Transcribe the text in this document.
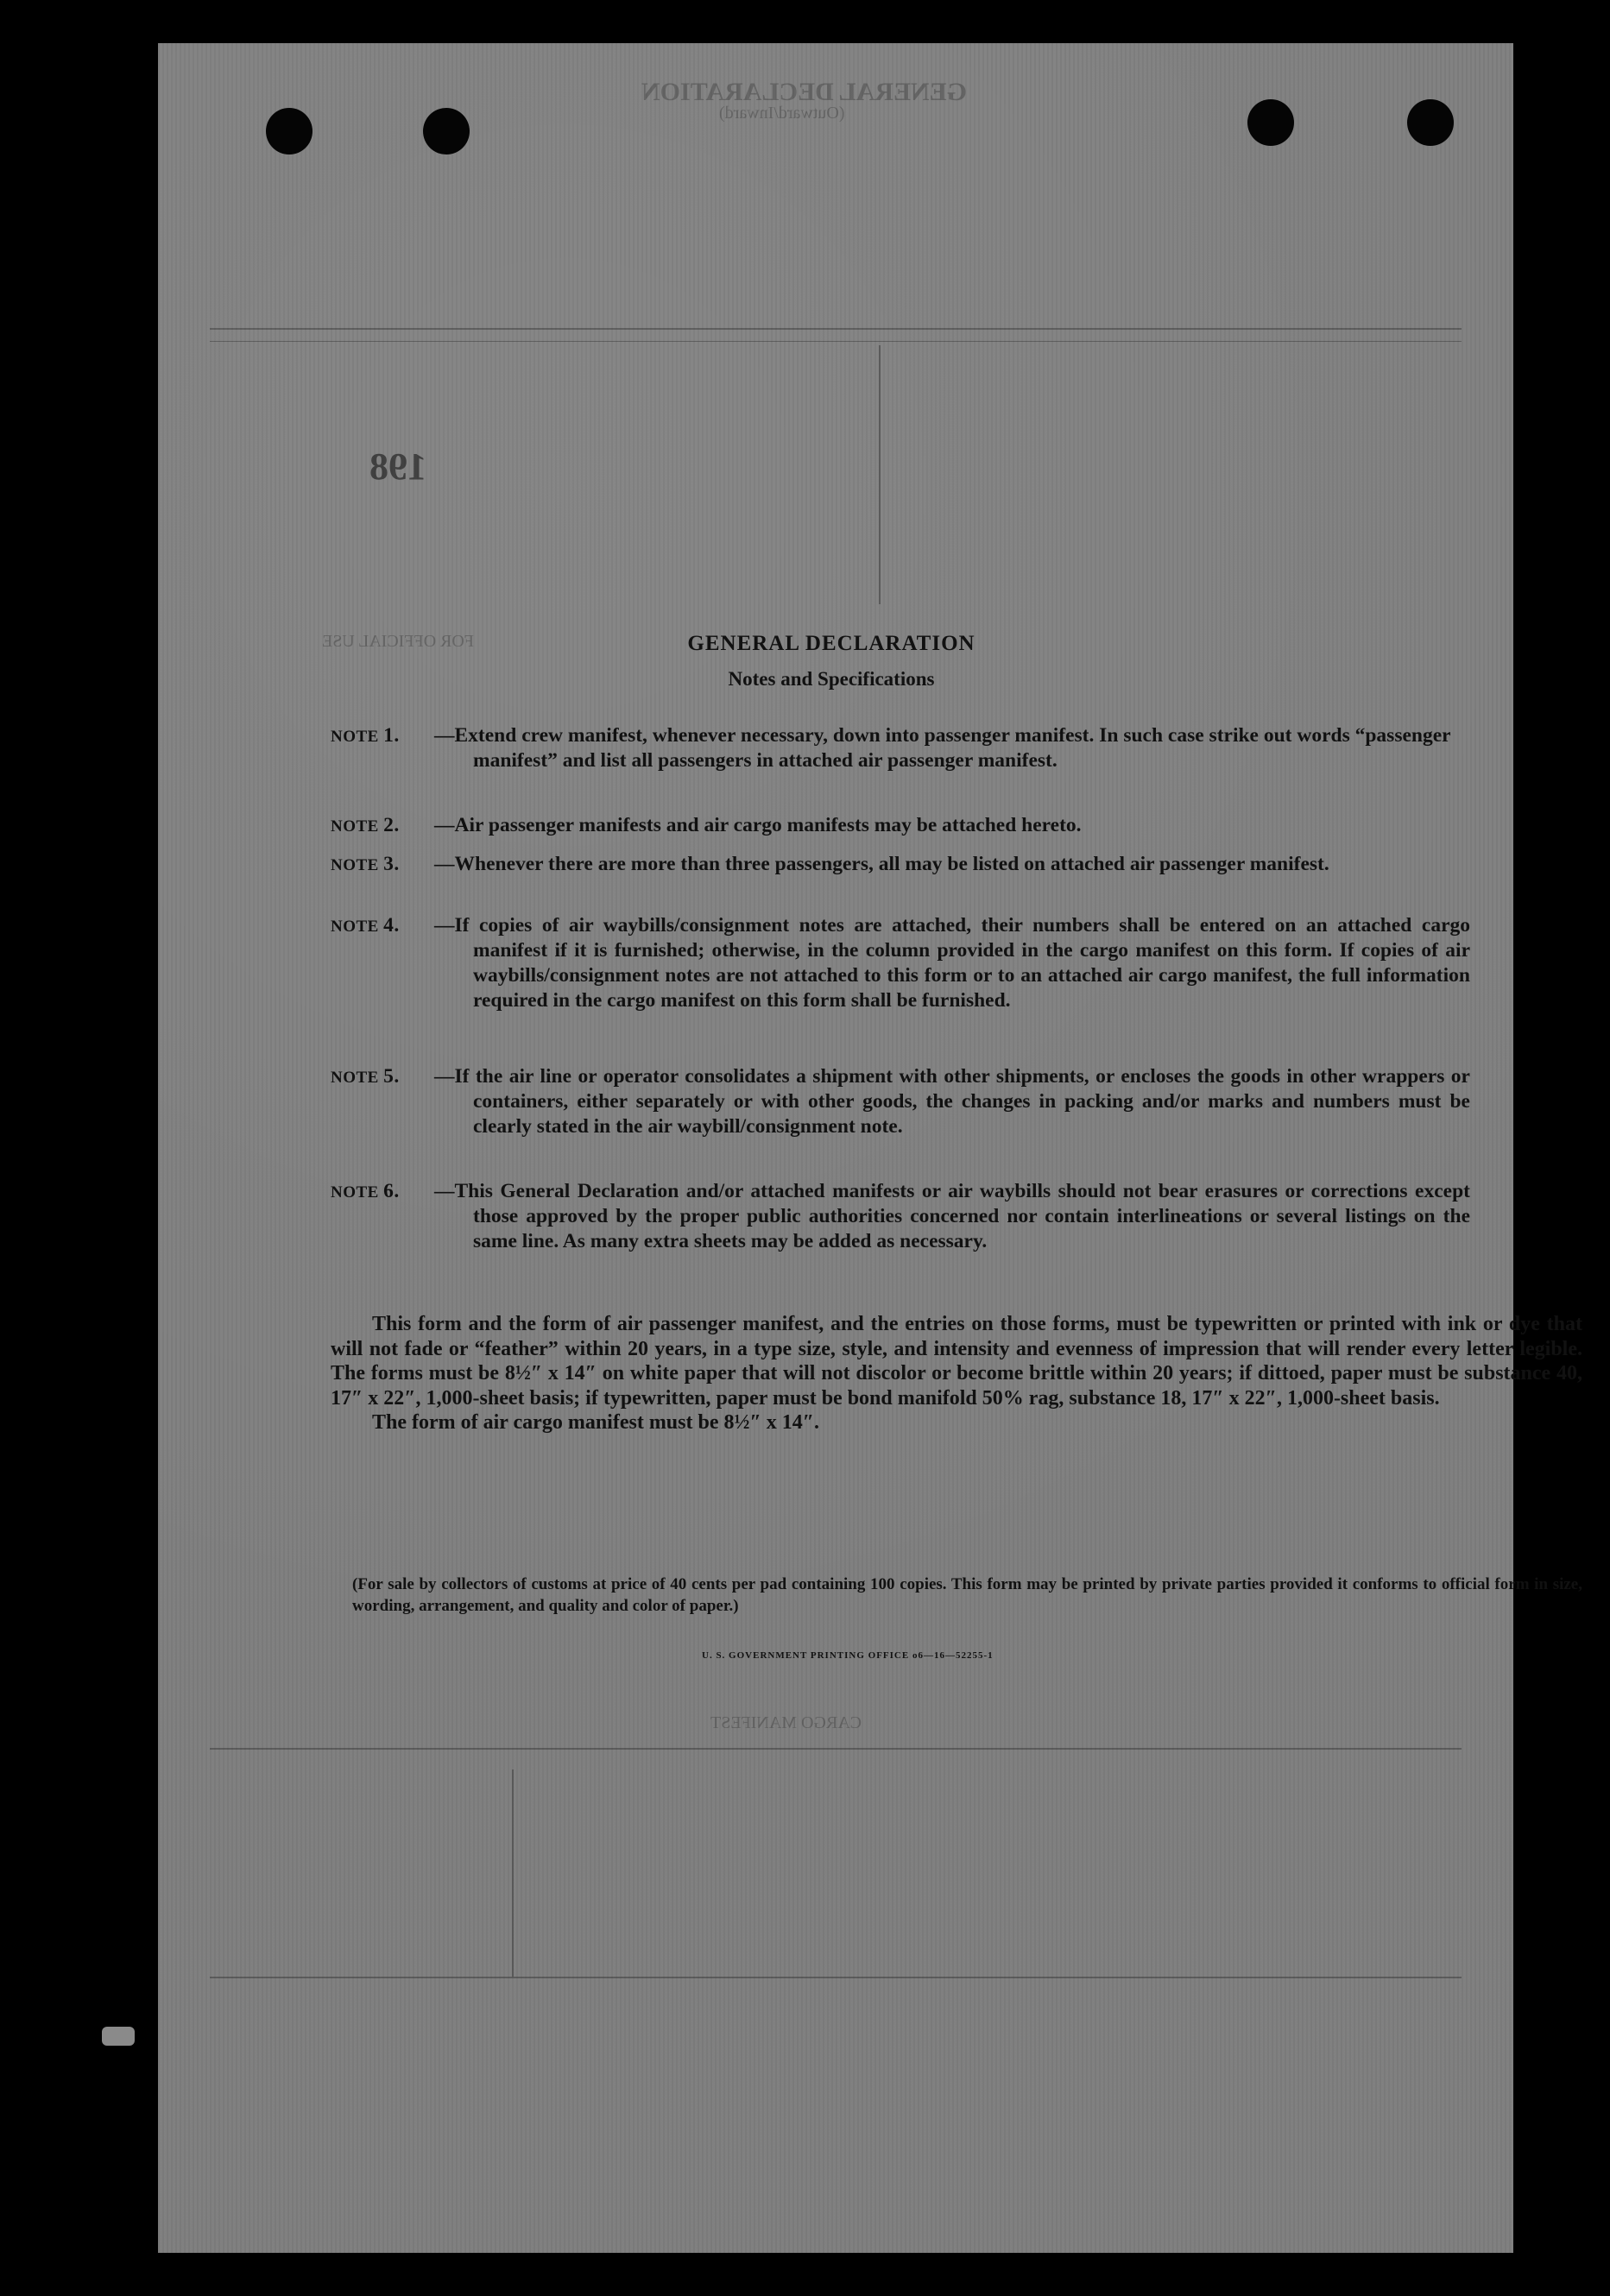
GENERAL DECLARATION
(Outward/Inward)
198
FOR OFFICIAL USE
CARGO MANIFEST
GENERAL DECLARATION
Notes and Specifications
NOTE 1.	—Extend crew manifest, whenever necessary, down into passenger manifest. In such case strike out words “passenger manifest” and list all passengers in attached air passenger manifest.
NOTE 2.	—Air passenger manifests and air cargo manifests may be attached hereto.
NOTE 3.	—Whenever there are more than three passengers, all may be listed on attached air passenger manifest.
NOTE 4.	—If copies of air waybills/consignment notes are attached, their numbers shall be entered on an attached cargo manifest if it is furnished; otherwise, in the column provided in the cargo manifest on this form. If copies of air waybills/consignment notes are not attached to this form or to an attached air cargo manifest, the full information required in the cargo manifest on this form shall be furnished.
NOTE 5.	—If the air line or operator consolidates a shipment with other shipments, or encloses the goods in other wrappers or containers, either separately or with other goods, the changes in packing and/or marks and numbers must be clearly stated in the air waybill/consignment note.
NOTE 6.	—This General Declaration and/or attached manifests or air waybills should not bear erasures or corrections except those approved by the proper public authorities concerned nor contain interlineations or several listings on the same line. As many extra sheets may be added as necessary.

This form and the form of air passenger manifest, and the entries on those forms, must be typewritten or printed with ink or dye that will not fade or “feather” within 20 years, in a type size, style, and intensity and evenness of impression that will render every letter legible. The forms must be 8½″ x 14″ on white paper that will not discolor or become brittle within 20 years; if dittoed, paper must be substance 40, 17″ x 22″, 1,000-sheet basis; if typewritten, paper must be bond manifold 50% rag, substance 18, 17″ x 22″, 1,000-sheet basis.

The form of air cargo manifest must be 8½″ x 14″.

(For sale by collectors of customs at price of 40 cents per pad containing 100 copies. This form may be printed by private parties provided it conforms to official form in size, wording, arrangement, and quality and color of paper.)
U. S. GOVERNMENT PRINTING OFFICE o6—16—52255-1
